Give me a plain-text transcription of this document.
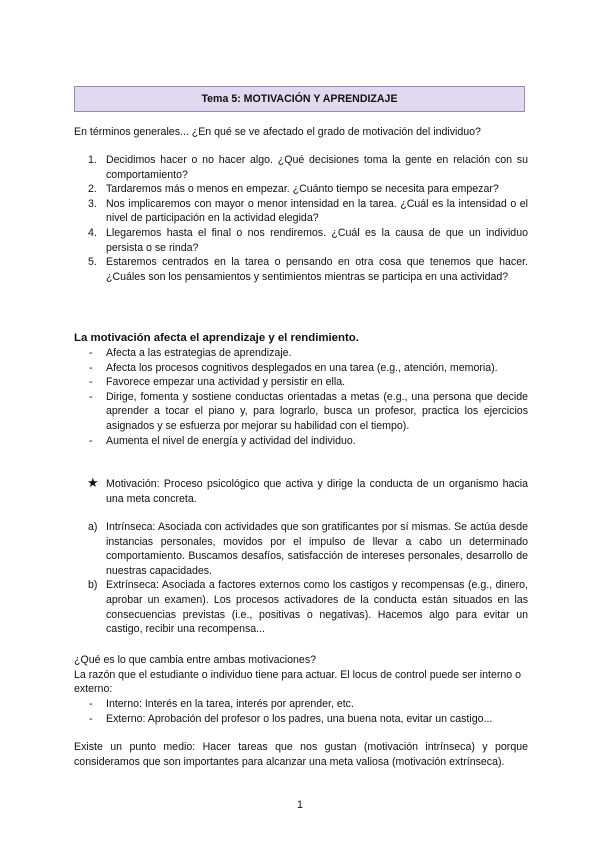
Tema 5: MOTIVACIÓN Y APRENDIZAJE
En términos generales... ¿En qué se ve afectado el grado de motivación del individuo?
1. Decidimos hacer o no hacer algo. ¿Qué decisiones toma la gente en relación con su comportamiento?
2. Tardaremos más o menos en empezar. ¿Cuánto tiempo se necesita para empezar?
3. Nos implicaremos con mayor o menor intensidad en la tarea. ¿Cuál es la intensidad o el nivel de participación en la actividad elegida?
4. Llegaremos hasta el final o nos rendiremos. ¿Cuál es la causa de que un individuo persista o se rinda?
5. Estaremos centrados en la tarea o pensando en otra cosa que tenemos que hacer. ¿Cuáles son los pensamientos y sentimientos mientras se participa en una actividad?
La motivación afecta el aprendizaje y el rendimiento.
- Afecta a las estrategias de aprendizaje.
- Afecta los procesos cognitivos desplegados en una tarea (e.g., atención, memoria).
- Favorece empezar una actividad y persistir en ella.
- Dirige, fomenta y sostiene conductas orientadas a metas (e.g., una persona que decide aprender a tocar el piano y, para lograrlo, busca un profesor, practica los ejercicios asignados y se esfuerza por mejorar su habilidad con el tiempo).
- Aumenta el nivel de energía y actividad del individuo.
★ Motivación: Proceso psicológico que activa y dirige la conducta de un organismo hacia una meta concreta.
a) Intrínseca: Asociada con actividades que son gratificantes por sí mismas. Se actúa desde instancias personales, movidos por el impulso de llevar a cabo un determinado comportamiento. Buscamos desafíos, satisfacción de intereses personales, desarrollo de nuestras capacidades.
b) Extrínseca: Asociada a factores externos como los castigos y recompensas (e.g., dinero, aprobar un examen). Los procesos activadores de la conducta están situados en las consecuencias previstas (i.e., positivas o negativas). Hacemos algo para evitar un castigo, recibir una recompensa...
¿Qué es lo que cambia entre ambas motivaciones?
La razón que el estudiante o individuo tiene para actuar. El locus de control puede ser interno o externo:
- Interno: Interés en la tarea, interés por aprender, etc.
- Externo: Aprobación del profesor o los padres, una buena nota, evitar un castigo...
Existe un punto medio: Hacer tareas que nos gustan (motivación intrínseca) y porque consideramos que son importantes para alcanzar una meta valiosa (motivación extrínseca).
1
